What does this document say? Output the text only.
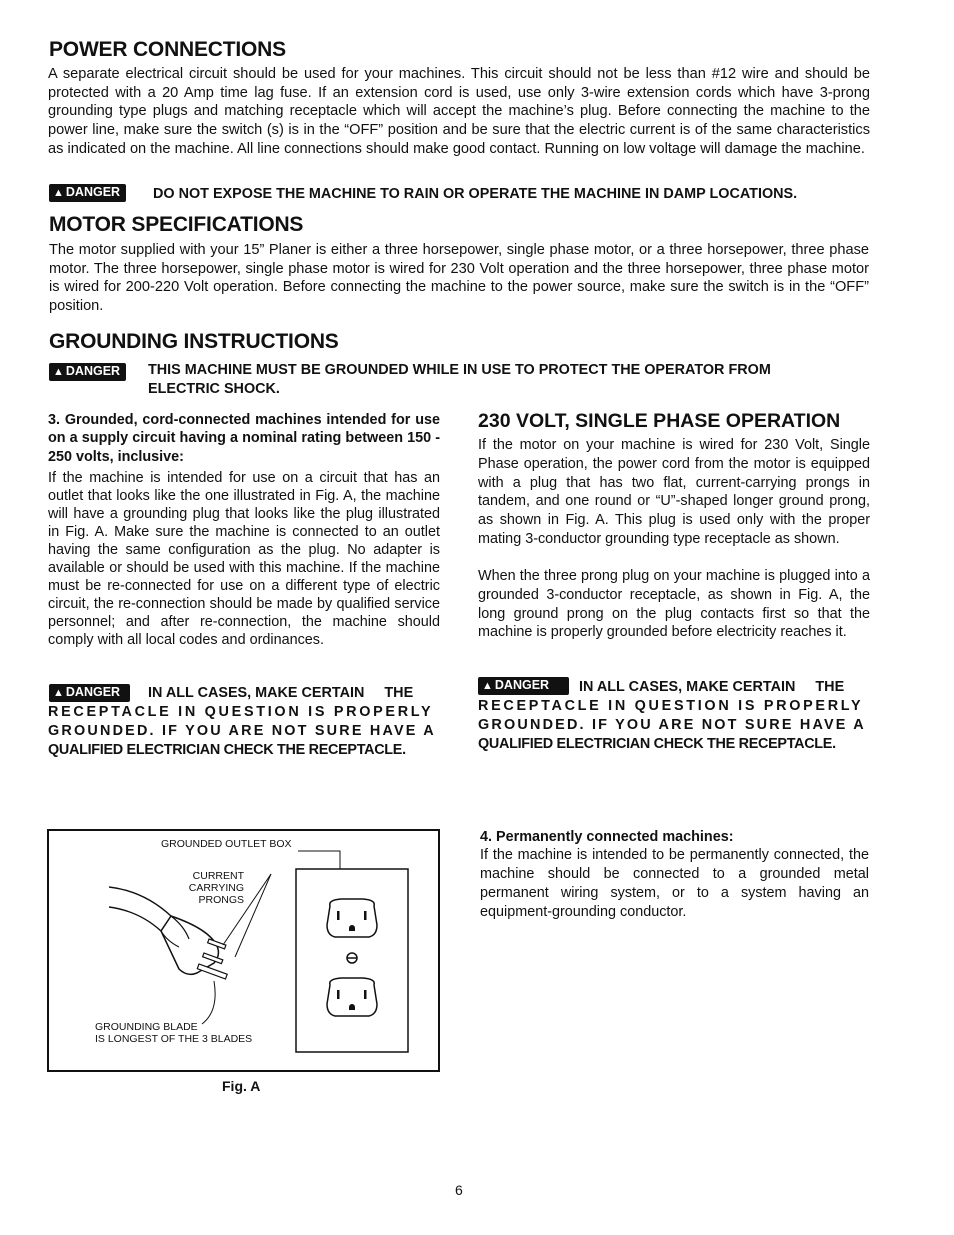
POWER CONNECTIONS

A separate electrical circuit should be used for your machines. This circuit should not be less than #12 wire and should be protected with a 20 Amp time lag fuse. If an extension cord is used, use only 3-wire extension cords which have 3-prong grounding type plugs and matching receptacle which will accept the machine’s plug. Before connecting the machine to the power line, make sure the switch (s) is in the “OFF” position and be sure that the electric current is of the same characteristics as indicated on the machine. All line connections should make good contact. Running on low voltage will damage the machine.

▲ DANGER	DO NOT EXPOSE THE MACHINE TO RAIN OR OPERATE THE MACHINE IN DAMP LOCATIONS.
MOTOR SPECIFICATIONS

The motor supplied with your 15” Planer is either a three horsepower, single phase motor, or a three horsepower, three phase motor. The three horsepower, single phase motor is wired for 230 Volt operation and the three horsepower, three phase motor is wired for 200-220 Volt operation. Before connecting the machine to the power source, make sure the switch is in the “OFF” position.

GROUNDING INSTRUCTIONS
▲ DANGER	THIS MACHINE MUST BE GROUNDED WHILE IN USE TO PROTECT THE OPERATOR FROM
ELECTRIC SHOCK.
3. Grounded, cord-connected machines intended for use on a supply circuit having a nominal rating between 150 - 250 volts, inclusive:

If the machine is intended for use on a circuit that has an outlet that looks like the one illustrated in Fig. A, the machine will have a grounding plug that looks like the plug illustrated in Fig. A. Make sure the machine is connected to an outlet having the same configuration as the plug. No adapter is available or should be used with this machine. If the machine must be re-connected for use on a different type of electric circuit, the re-connection should be made by qualified service personnel; and after re-connection, the machine should comply with all local codes and ordinances.

▲ DANGER	IN ALL CASES, MAKE CERTAIN     THE
RECEPTACLE IN QUESTION IS PROPERLY
GROUNDED. IF YOU ARE NOT SURE HAVE A
QUALIFIED ELECTRICIAN CHECK THE RECEPTACLE.
230 VOLT, SINGLE PHASE OPERATION

If the motor on your machine is wired for 230 Volt, Single Phase operation, the power cord from the motor is equipped with a plug that has two flat, current-carrying prongs in tandem, and one round or “U”-shaped longer ground prong, as shown in Fig. A. This plug is used only with the proper mating 3-conductor grounding type receptacle as shown.

When the three prong plug on your machine is plugged into a grounded 3-conductor receptacle, as shown in Fig. A, the long ground prong on the plug contacts first so that the machine is properly grounded before electricity reaches it.

▲ DANGER	IN ALL CASES, MAKE CERTAIN     THE
RECEPTACLE IN QUESTION IS PROPERLY
GROUNDED. IF YOU ARE NOT SURE HAVE A
QUALIFIED ELECTRICIAN CHECK THE RECEPTACLE.
GROUNDED OUTLET BOX
CURRENT
CARRYING
PRONGS
GROUNDING BLADE
IS LONGEST OF THE 3 BLADES
Fig. A
4. Permanently connected machines:

If the machine is intended to be permanently connected, the machine should be connected to a grounded metal permanent wiring system, or to a system having an equipment-grounding conductor.

6
